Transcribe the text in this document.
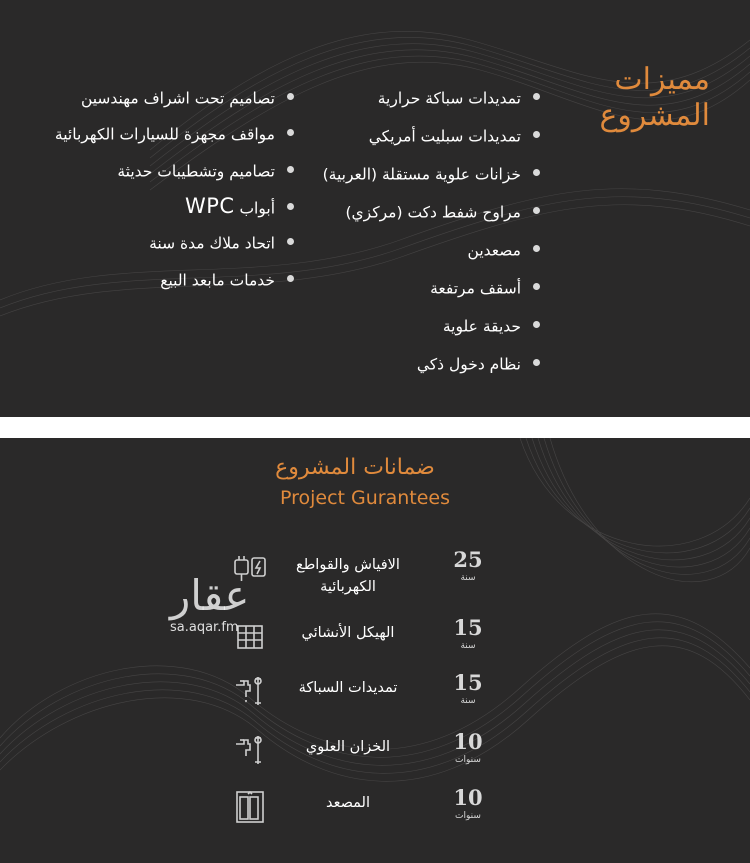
مميزات المشروع
تمديدات سباكة حرارية
تمديدات سبليت أمريكي
خزانات علوية مستقلة (العربية)
مراوح شفط دكت (مركزي)
مصعدين
أسقف مرتفعة
حديقة علوية
نظام دخول ذكي
تصاميم تحت اشراف مهندسين
مواقف مجهزة للسيارات الكهربائية
تصاميم وتشطيبات حديثة
أبواب WPC
اتحاد ملاك مدة سنة
خدمات مابعد البيع
ضمانات المشروع
Project Gurantees
25
سنة
الافياش والقواطع الكهربائية
15
سنة
الهيكل الأنشائي
15
سنة
تمديدات السباكة
10
سنوات
الخزان العلوي
10
سنوات
المصعد
عقار
sa.aqar.fm
